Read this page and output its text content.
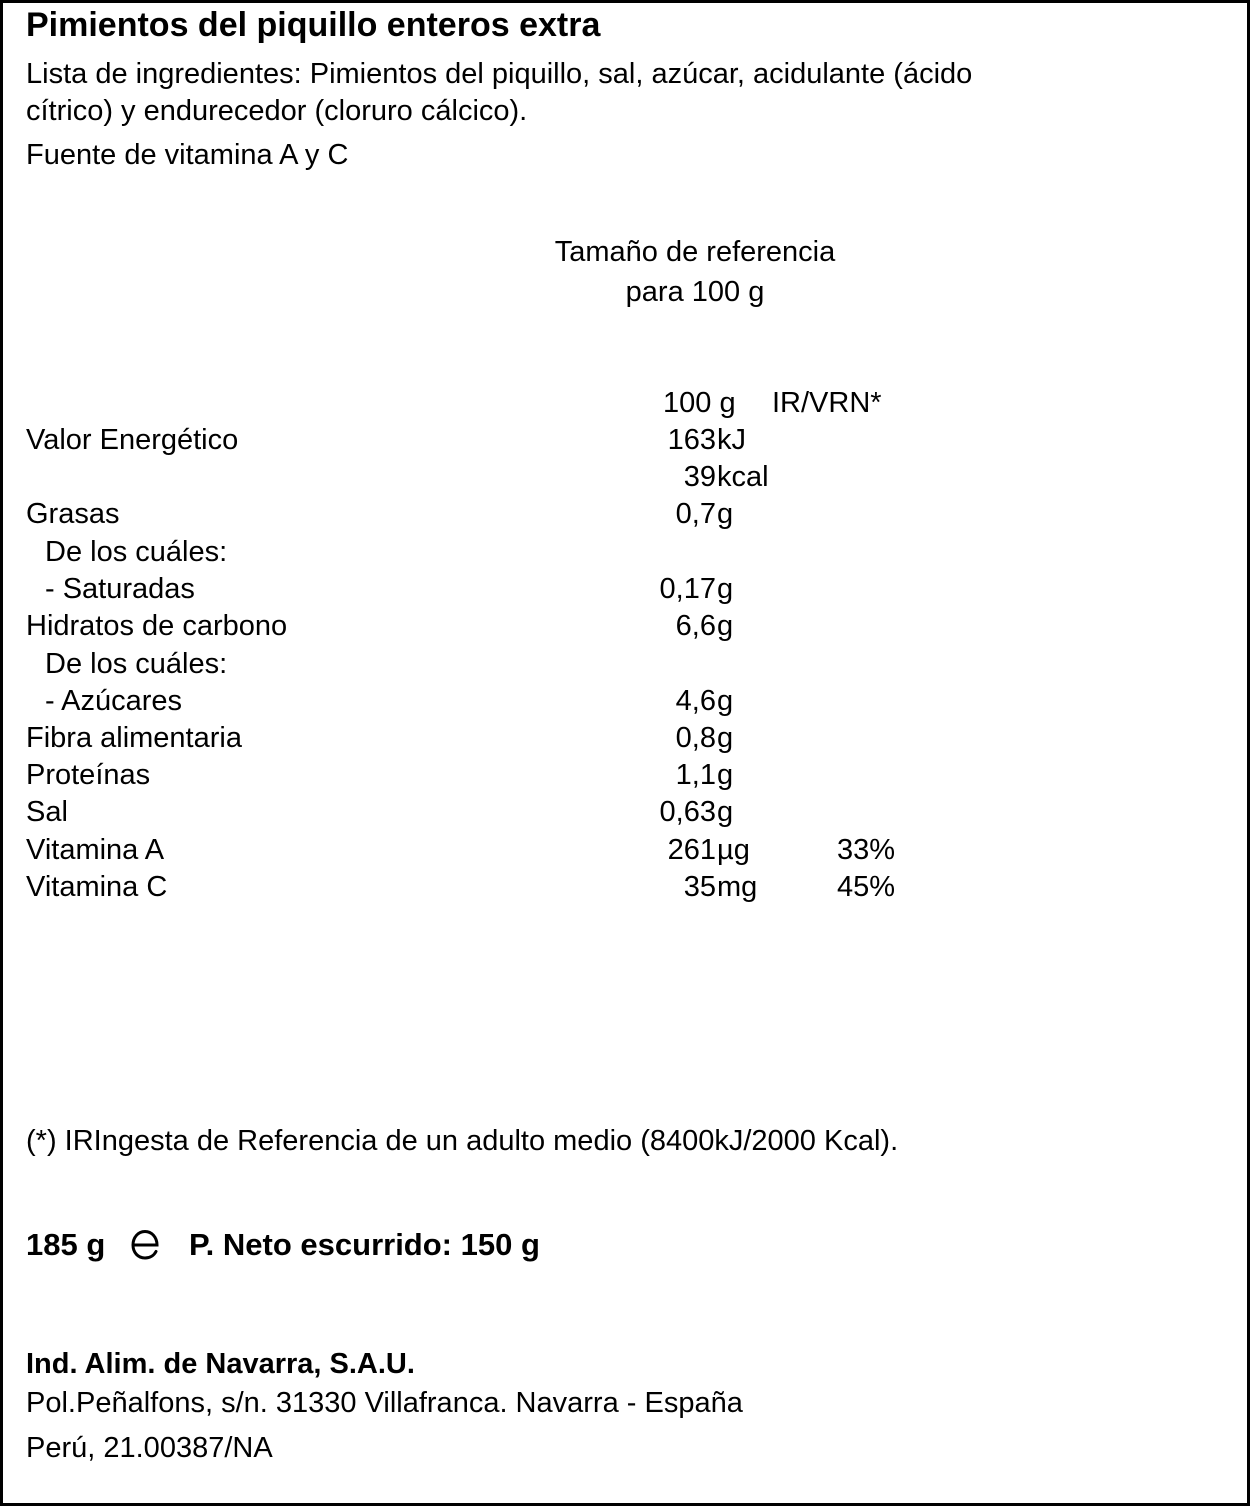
Pimientos del piquillo enteros extra
Lista de ingredientes: Pimientos del piquillo, sal, azúcar, acidulante (ácido
cítrico) y endurecedor (cloruro cálcico).
Fuente de vitamina A y C
Tamaño de referencia
para 100 g
100 g IR/VRN*
Valor Energético	163 kJ
39 kcal
Grasas	0,7 g
De los cuáles:
- Saturadas	0,17 g
Hidratos de carbono	6,6 g
De los cuáles:
- Azúcares	4,6 g
Fibra alimentaria	0,8 g
Proteínas	1,1 g
Sal	0,63 g
Vitamina A	261 µg	33%
Vitamina C	35 mg	45%
(*) IRIngesta de Referencia de un adulto medio (8400kJ/2000 Kcal).
185 g	P. Neto escurrido: 150 g
Ind. Alim. de Navarra, S.A.U.
Pol.Peñalfons, s/n. 31330 Villafranca. Navarra - España
Perú, 21.00387/NA
